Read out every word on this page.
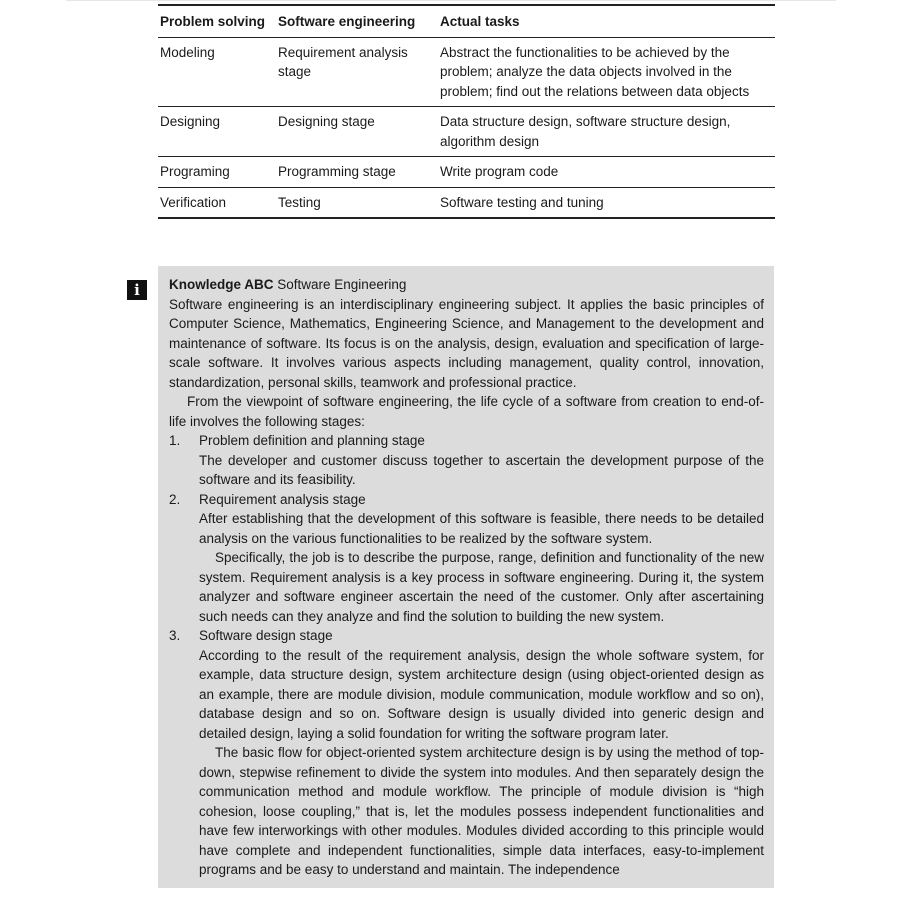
Problem solving	Software engineering	Actual tasks
Modeling	Requirement analysis stage	Abstract the functionalities to be achieved by the problem; analyze the data objects involved in the problem; find out the relations between data objects
Designing	Designing stage	Data structure design, software structure design, algorithm design
Programing	Programming stage	Write program code
Verification	Testing	Software testing and tuning
i	Knowledge ABC Software Engineering

Software engineering is an interdisciplinary engineering subject. It applies the basic principles of Computer Science, Mathematics, Engineering Science, and Management to the development and maintenance of software. Its focus is on the analysis, design, evaluation and specification of large-scale software. It involves various aspects including management, quality control, innovation, standardization, personal skills, teamwork and professional practice.

From the viewpoint of software engineering, the life cycle of a software from creation to end-of-life involves the following stages:

1. Problem definition and planning stage

The developer and customer discuss together to ascertain the development purpose of the software and its feasibility.

2. Requirement analysis stage

After establishing that the development of this software is feasible, there needs to be detailed analysis on the various functionalities to be realized by the software system.

Specifically, the job is to describe the purpose, range, definition and functionality of the new system. Requirement analysis is a key process in software engineering. During it, the system analyzer and software engineer ascertain the need of the customer. Only after ascertaining such needs can they analyze and find the solution to building the new system.

3. Software design stage

According to the result of the requirement analysis, design the whole software system, for example, data structure design, system architecture design (using object-oriented design as an example, there are module division, module communication, module workflow and so on), database design and so on. Software design is usually divided into generic design and detailed design, laying a solid foundation for writing the software program later.

The basic flow for object-oriented system architecture design is by using the method of top-down, stepwise refinement to divide the system into modules. And then separately design the communication method and module workflow. The principle of module division is “high cohesion, loose coupling,” that is, let the modules possess independent functionalities and have few interworkings with other modules. Modules divided according to this principle would have complete and independent functionalities, simple data interfaces, easy-to-implement programs and be easy to understand and maintain. The independence
